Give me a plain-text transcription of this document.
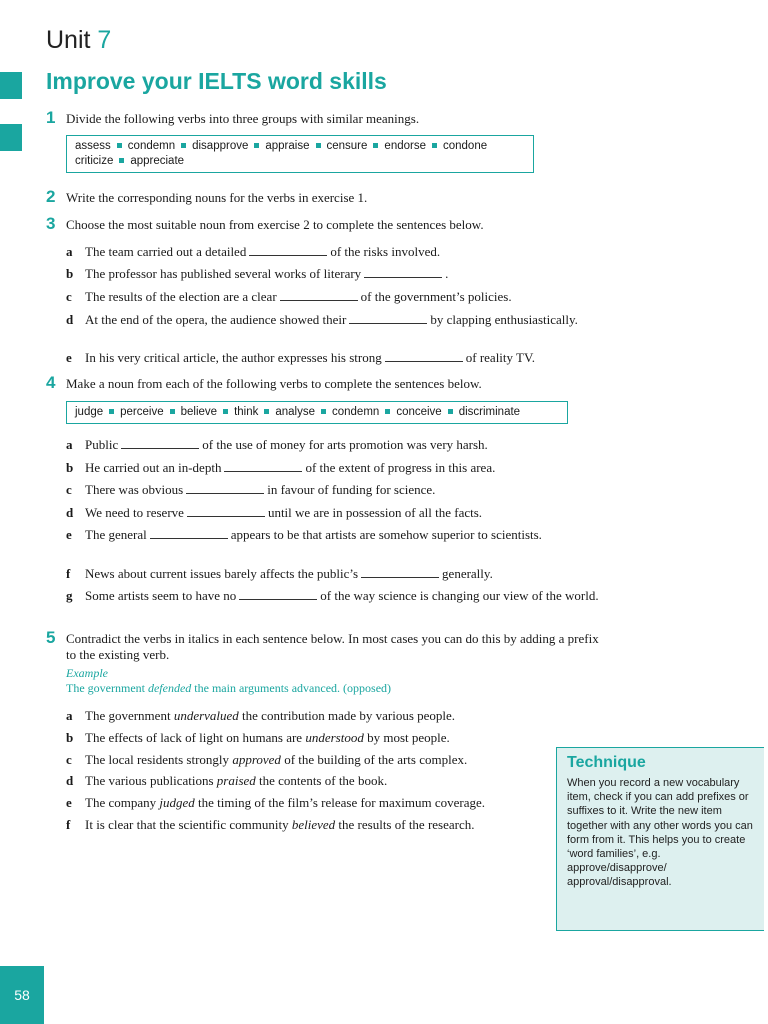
Unit 7
Improve your IELTS word skills
1 Divide the following verbs into three groups with similar meanings.
assess condemn disapprove appraise censure endorse condone
criticize appreciate
2 Write the corresponding nouns for the verbs in exercise 1.
3 Choose the most suitable noun from exercise 2 to complete the sentences below.
a The team carried out a detailed	of the risks involved.
b The professor has published several works of literary	.
c	The results of the election are a clear	of the government’s policies.
d At the end of the opera, the audience showed their	by clapping enthusiastically.
e	In his very critical article, the author expresses his strong	of reality TV.
4 Make a noun from each of the following verbs to complete the sentences below.
judge perceive believe think analyse condemn conceive discriminate
a Public	of the use of money for arts promotion was very harsh.
b He carried out an in-depth	of the extent of progress in this area.
c	There was obvious	in favour of funding for science.
d We need to reserve	until we are in possession of all the facts.
e	The general	appears to be that artists are somehow superior to scientists.
f	News about current issues barely affects the public’s	generally.
g Some artists seem to have no	of the way science is changing our view of the world.
5 Contradict the verbs in italics in each sentence below. In most cases you can do this by adding a prefix to the existing verb.
Example
The government defended the main arguments advanced. (opposed)
a The government undervalued the contribution made by various people.
b The effects of lack of light on humans are understood by most people.
c	The local residents strongly approved of the building of the arts complex.
d The various publications praised the contents of the book.
e	The company judged the timing of the film’s release for maximum coverage.
f	It is clear that the scientific community believed the results of the research.
Technique

When you record a new vocabulary item, check if you can add prefixes or suffixes to it. Write the new item together with any other words you can form from it. This helps you to create ‘word families’, e.g. approve/disapprove/ approval/disapproval.

58
